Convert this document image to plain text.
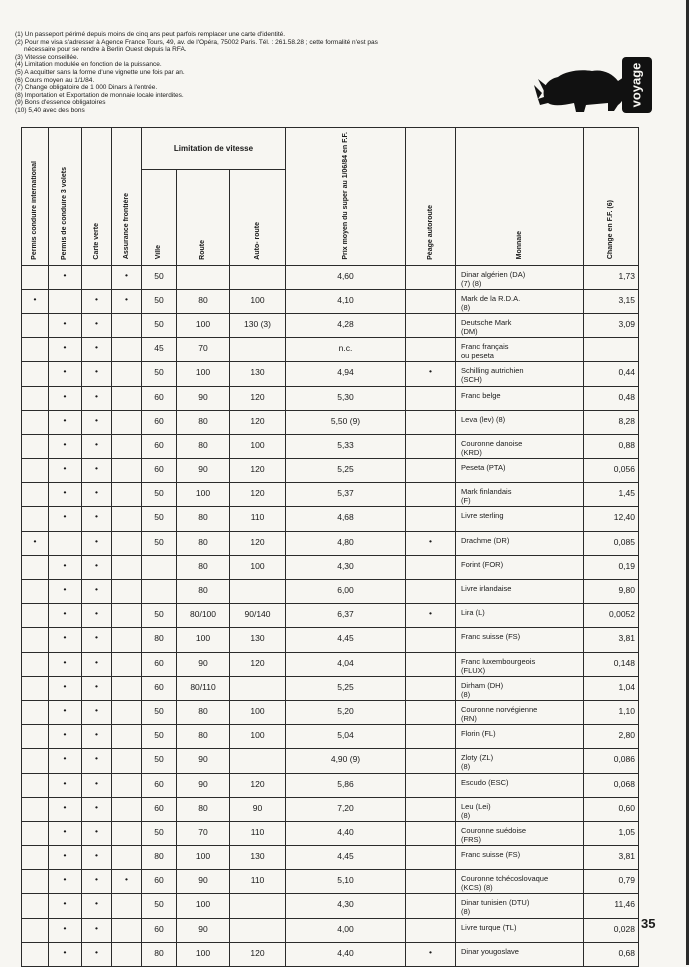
(1) Un passeport périmé depuis moins de cinq ans peut parfois remplacer une carte d'identité.
(2) Pour me visa s'adresser à Agence France Tours, 49, av. de l'Opéra, 75002 Paris. Tél. : 261.58.28 ; cette formalité n'est pas
nécessaire pour se rendre à Berlin Ouest depuis la RFA.
(3) Vitesse conseillée.
(4) Limitation modulée en fonction de la puissance.
(5) A acquitter sans la forme d'une vignette une fois par an.
(6) Cours moyen au 1/1/84.
(7) Change obligatoire de 1 000 Dinars à l'entrée.
(8) Importation et Exportation de monnaie locale interdites.
(9) Bons d'essence obligatoires
(10) 5,40 avec des bons
voyage
Permis conduire international	Permis de conduire 3 volets	Carte verte	Assurance frontière	Limitation de vitesse			Prix moyen du super au 1/06/84 en F.F.	Péage autoroute	Monnaie	Change en F.F. (6)
				Ville	Route	Auto- route				
	•		•	50			4,60		Dinar algérien (DA)
(7) (8)	1,73
•		•	•	50	80	100	4,10		Mark de la R.D.A.
(8)	3,15
	•	•		50	100	130 (3)	4,28		Deutsche Mark
(DM)	3,09
	•	•		45	70		n.c.		Franc français
ou peseta	

	•	•		50	100	130	4,94	•	Schilling autrichien
(SCH)	0,44
	•	•		60	90	120	5,30		Franc belge	0,48
	•	•		60	80	120	5,50 (9)		Leva (lev) (8)	8,28
	•	•		60	80	100	5,33		Couronne danoise
(KRD)	0,88
	•	•		60	90	120	5,25		Peseta (PTA)	0,056
	•	•		50	100	120	5,37		Mark finlandais
(F)	1,45
	•	•		50	80	110	4,68		Livre sterling	12,40
•		•		50	80	120	4,80	•	Drachme (DR)	0,085
	•	•			80	100	4,30		Forint (FOR)	0,19
	•	•			80		6,00		Livre irlandaise	9,80
	•	•		50	80/100	90/140	6,37	•	Lira (L)	0,0052
	•	•		80	100	130	4,45		Franc suisse (FS)	3,81
	•	•		60	90	120	4,04		Franc luxembourgeois
(FLUX)	0,148
	•	•		60	80/110		5,25		Dirham (DH)
(8)	1,04
	•	•		50	80	100	5,20		Couronne norvégienne
(RN)	1,10
	•	•		50	80	100	5,04		Florin (FL)	2,80
	•	•		50	90		4,90 (9)		Zloty (ZL)
(8)	0,086
	•	•		60	90	120	5,86		Escudo (ESC)	0,068
	•	•		60	80	90	7,20		Leu (Lei)
(8)	0,60
	•	•		50	70	110	4,40		Couronne suédoise
(FRS)	1,05
	•	•		80	100	130	4,45		Franc suisse (FS)	3,81
	•	•	•	60	90	110	5,10		Couronne tchécoslovaque
(KCS) (8)	0,79
	•	•		50	100		4,30		Dinar tunisien (DTU)
(8)	11,46
	•	•		60	90		4,00		Livre turque (TL)	0,028
	•	•		80	100	120	4,40	•	Dinar yougoslave	0,68
35
